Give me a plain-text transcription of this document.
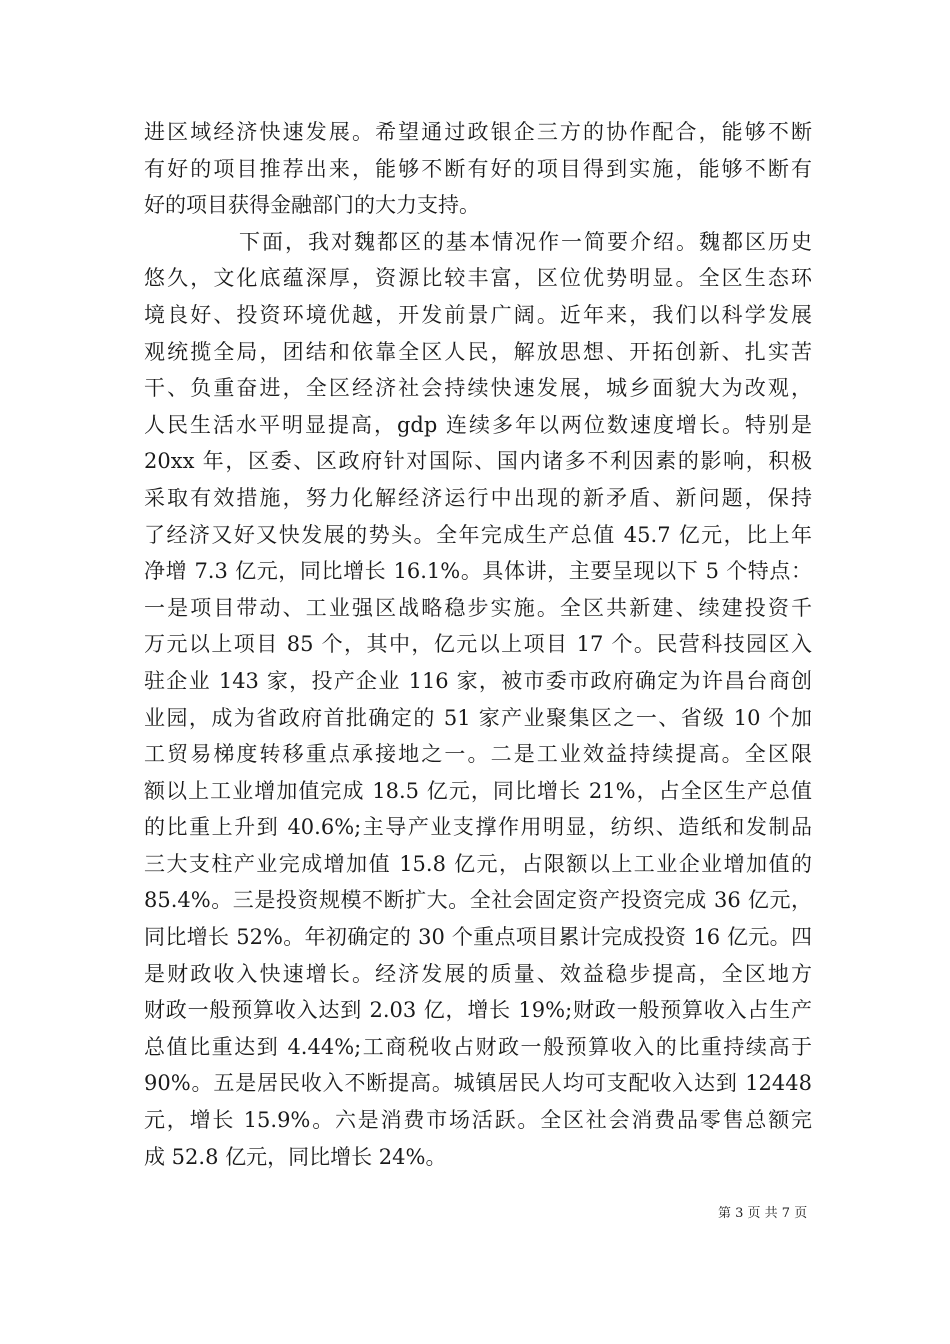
进区域经济快速发展。希望通过政银企三方的协作配合，能够不断
有好的项目推荐出来，能够不断有好的项目得到实施，能够不断有
好的项目获得金融部门的大力支持。
下面，我对魏都区的基本情况作一简要介绍。魏都区历史
悠久，文化底蕴深厚，资源比较丰富，区位优势明显。全区生态环
境良好、投资环境优越，开发前景广阔。近年来，我们以科学发展
观统揽全局，团结和依靠全区人民，解放思想、开拓创新、扎实苦
干、负重奋进，全区经济社会持续快速发展，城乡面貌大为改观，
人民生活水平明显提高，gdp 连续多年以两位数速度增长。特别是
20xx 年，区委、区政府针对国际、国内诸多不利因素的影响，积极
采取有效措施，努力化解经济运行中出现的新矛盾、新问题，保持
了经济又好又快发展的势头。全年完成生产总值 45.7 亿元，比上年
净增 7.3 亿元，同比增长 16.1%。具体讲，主要呈现以下 5 个特点：
一是项目带动、工业强区战略稳步实施。全区共新建、续建投资千
万元以上项目 85 个，其中，亿元以上项目 17 个。民营科技园区入
驻企业 143 家，投产企业 116 家，被市委市政府确定为许昌台商创
业园，成为省政府首批确定的 51 家产业聚集区之一、省级 10 个加
工贸易梯度转移重点承接地之一。二是工业效益持续提高。全区限
额以上工业增加值完成 18.5 亿元，同比增长 21%，占全区生产总值
的比重上升到 40.6%;主导产业支撑作用明显，纺织、造纸和发制品
三大支柱产业完成增加值 15.8 亿元，占限额以上工业企业增加值的
85.4%。三是投资规模不断扩大。全社会固定资产投资完成 36 亿元，
同比增长 52%。年初确定的 30 个重点项目累计完成投资 16 亿元。四
是财政收入快速增长。经济发展的质量、效益稳步提高，全区地方
财政一般预算收入达到 2.03 亿，增长 19%;财政一般预算收入占生产
总值比重达到 4.44%;工商税收占财政一般预算收入的比重持续高于
90%。五是居民收入不断提高。城镇居民人均可支配收入达到 12448
元，增长 15.9%。六是消费市场活跃。全区社会消费品零售总额完
成 52.8 亿元，同比增长 24%。
第 3 页 共 7 页
